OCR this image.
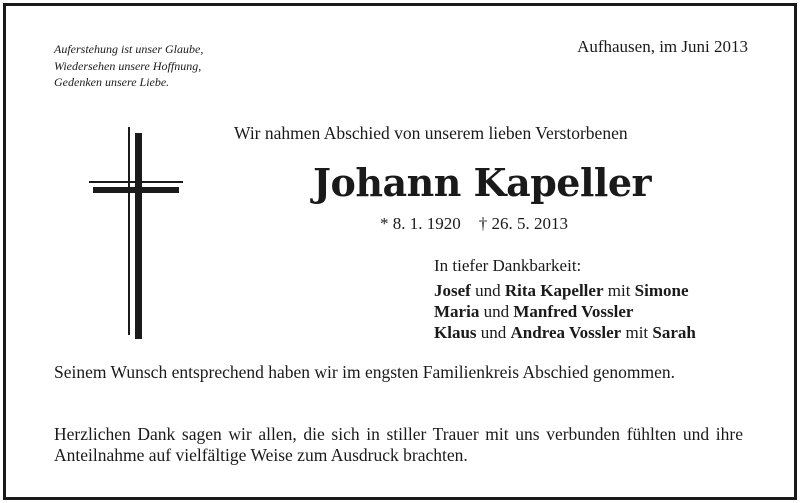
Auferstehung ist unser Glaube,
Wiedersehen unsere Hoffnung,
Gedenken unsere Liebe.
Aufhausen, im Juni 2013
Wir nahmen Abschied von unserem lieben Verstorbenen
Johann Kapeller
* 8. 1. 1920 † 26. 5. 2013
In tiefer Dankbarkeit:
Josef und Rita Kapeller mit Simone
Maria und Manfred Vossler
Klaus und Andrea Vossler mit Sarah
Seinem Wunsch entsprechend haben wir im engsten Familienkreis Abschied genommen.
Herzlichen Dank sagen wir allen, die sich in stiller Trauer mit uns verbunden fühlten und ihre Anteilnahme auf vielfältige Weise zum Ausdruck brachten.
